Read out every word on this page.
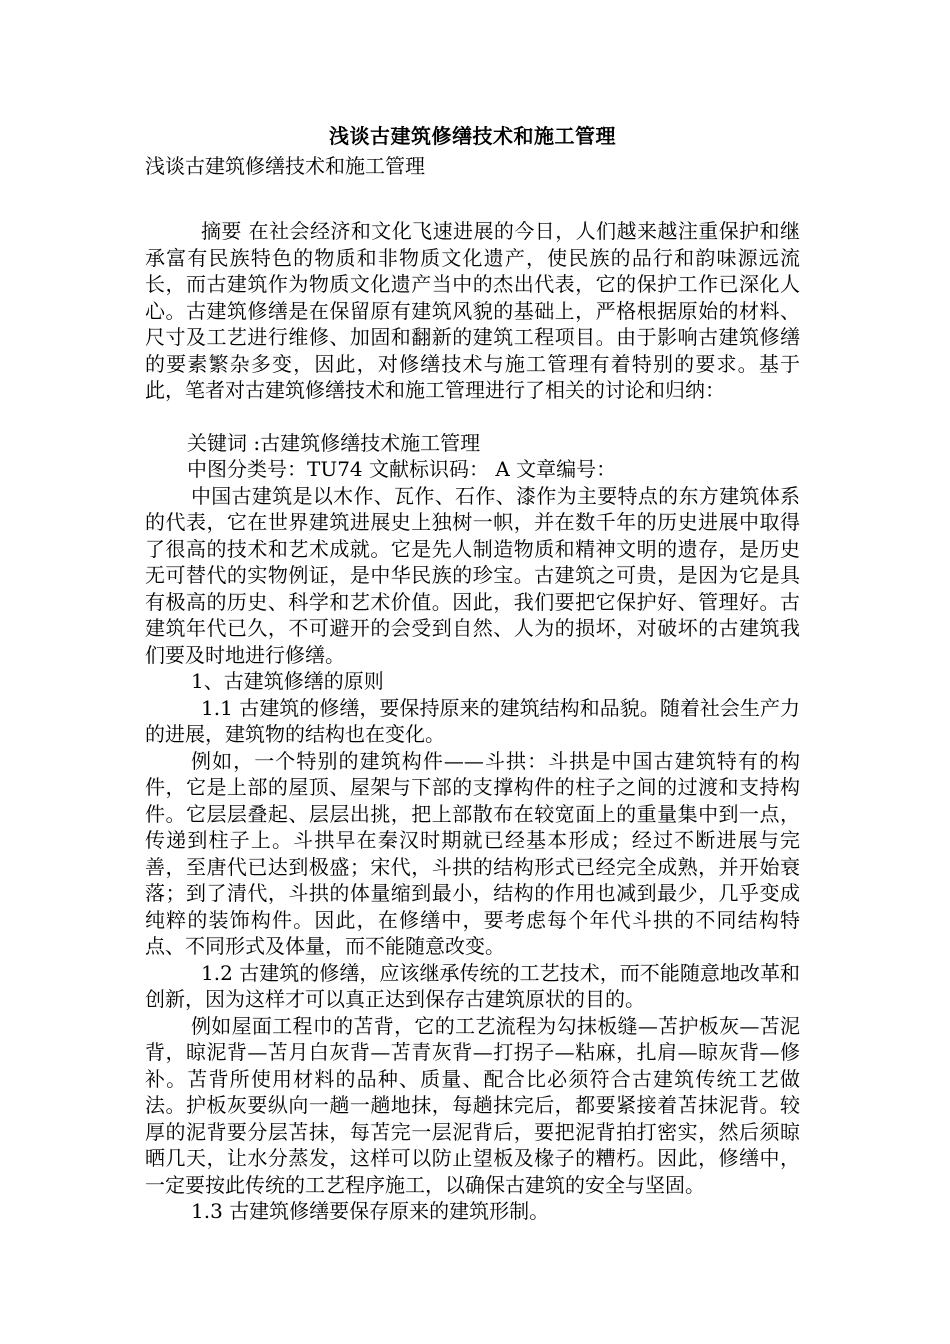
浅谈古建筑修缮技术和施工管理

浅谈古建筑修缮技术和施工管理

摘要 在社会经济和文化飞速进展的今日，人们越来越注重保护和继承富有民族特色的物质和非物质文化遗产，使民族的品行和韵味源远流长，而古建筑作为物质文化遗产当中的杰出代表，它的保护工作已深化人心。古建筑修缮是在保留原有建筑风貌的基础上，严格根据原始的材料、尺寸及工艺进行维修、加固和翻新的建筑工程项目。由于影响古建筑修缮的要素繁杂多变，因此，对修缮技术与施工管理有着特别的要求。基于此，笔者对古建筑修缮技术和施工管理进行了相关的讨论和归纳：

关键词 :古建筑修缮技术施工管理

中图分类号：TU74 文献标识码： A 文章编号：

中国古建筑是以木作、瓦作、石作、漆作为主要特点的东方建筑体系的代表，它在世界建筑进展史上独树一帜，并在数千年的历史进展中取得了很高的技术和艺术成就。它是先人制造物质和精神文明的遗存，是历史无可替代的实物例证，是中华民族的珍宝。古建筑之可贵，是因为它是具有极高的历史、科学和艺术价值。因此，我们要把它保护好、管理好。古建筑年代已久，不可避开的会受到自然、人为的损坏，对破坏的古建筑我们要及时地进行修缮。

1、古建筑修缮的原则

1.1 古建筑的修缮，要保持原来的建筑结构和品貌。随着社会生产力的进展，建筑物的结构也在变化。

例如，一个特别的建筑构件——斗拱：斗拱是中国古建筑特有的构件，它是上部的屋顶、屋架与下部的支撑构件的柱子之间的过渡和支持构件。它层层叠起、层层出挑，把上部散布在较宽面上的重量集中到一点，传递到柱子上。斗拱早在秦汉时期就已经基本形成；经过不断进展与完善，至唐代已达到极盛；宋代，斗拱的结构形式已经完全成熟，并开始衰落；到了清代，斗拱的体量缩到最小，结构的作用也减到最少，几乎变成纯粹的装饰构件。因此，在修缮中，要考虑每个年代斗拱的不同结构特点、不同形式及体量，而不能随意改变。

1.2 古建筑的修缮，应该继承传统的工艺技术，而不能随意地改革和创新，因为这样才可以真正达到保存古建筑原状的目的。

例如屋面工程巾的苫背，它的工艺流程为勾抹板缝—苫护板灰—苫泥背，晾泥背—苫月白灰背—苫青灰背—打拐子—粘麻，扎肩—晾灰背—修补。苫背所使用材料的品种、质量、配合比必须符合古建筑传统工艺做法。护板灰要纵向一趟一趟地抹，每趟抹完后，都要紧接着苫抹泥背。较厚的泥背要分层苫抹，每苫完一层泥背后，要把泥背拍打密实，然后须晾晒几天，让水分蒸发，这样可以防止望板及椽子的糟朽。因此，修缮中，一定要按此传统的工艺程序施工，以确保古建筑的安全与坚固。

1.3 古建筑修缮要保存原来的建筑形制。
